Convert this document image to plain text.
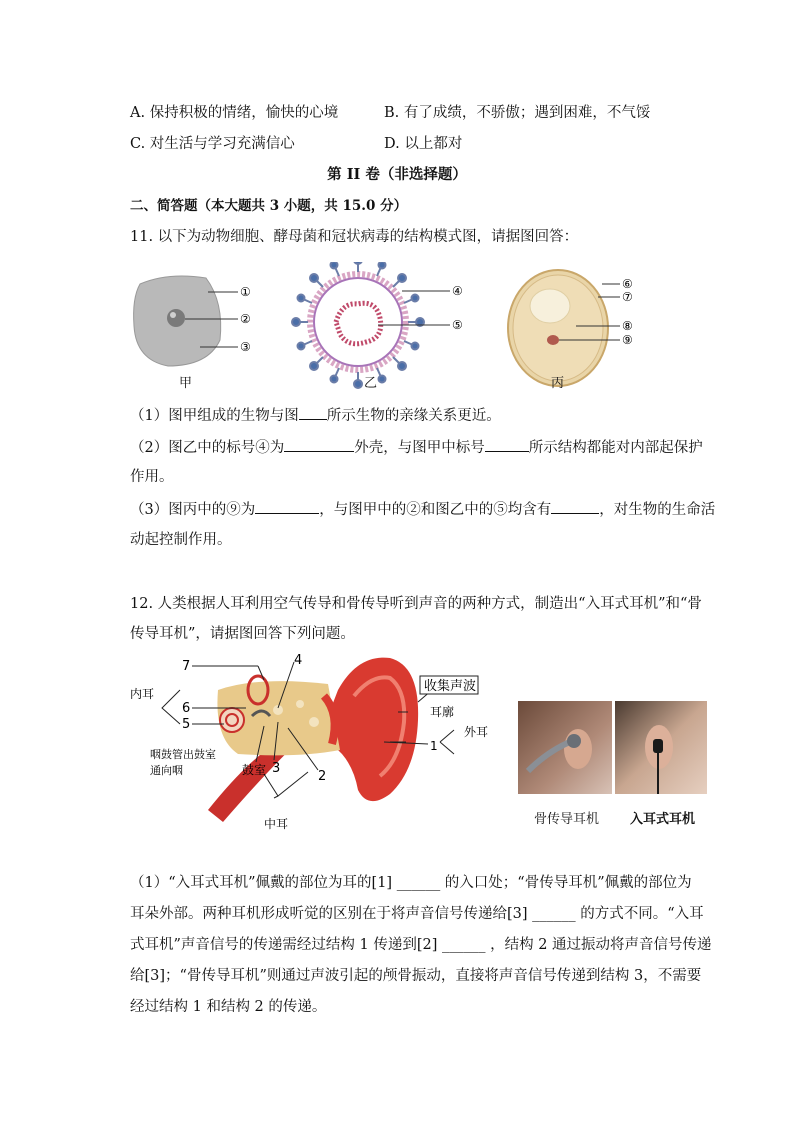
A. 保持积极的情绪，愉快的心境	B. 有了成绩，不骄傲；遇到困难，不气馁
C. 对生活与学习充满信心	D. 以上都对
第 II 卷（非选择题）
二、简答题（本大题共 3 小题，共 15.0 分）
11. 以下为动物细胞、酵母菌和冠状病毒的结构模式图，请据图回答：
①
②
③
④
⑤
⑥
⑦
⑧
⑨
甲	乙	丙
（1）图甲组成的生物与图 所示生物的亲缘关系更近。
（2）图乙中的标号④为	外壳，与图甲中标号	所示结构都能对内部起保护
作用。
（3）图丙中的⑨为	，与图甲中的②和图乙中的⑤均含有	，对生物的生命活
动起控制作用。
12. 人类根据人耳利用空气传导和骨传导听到声音的两种方式，制造出“入耳式耳机”和“骨
传导耳机”，请据图回答下列问题。
收集声波
耳廓
1
外耳
7	4
内耳
6
5
咽鼓管出鼓室
通向咽	鼓室 3
2
中耳	骨传导耳机 入耳式耳机
（1）“入耳式耳机”佩戴的部位为耳的[1] ______ 的入口处；“骨传导耳机”佩戴的部位为
耳朵外部。两种耳机形成听觉的区别在于将声音信号传递给[3] ______ 的方式不同。“入耳
式耳机”声音信号的传递需经过结构 1 传递到[2] ______ ，结构 2 通过振动将声音信号传递
给[3]；“骨传导耳机”则通过声波引起的颅骨振动，直接将声音信号传递到结构 3，不需要
经过结构 1 和结构 2 的传递。
